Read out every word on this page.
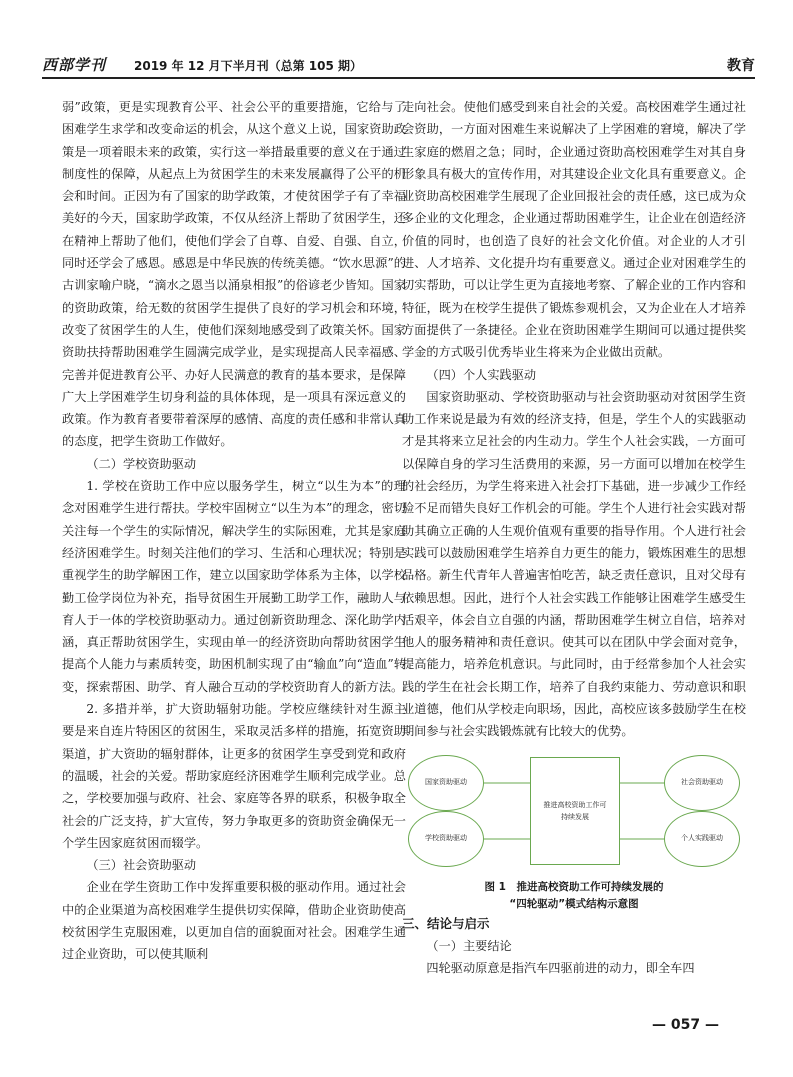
西部学刊 2019 年 12 月下半月刊（总第 105 期）	教育

弱”政策，更是实现教育公平、社会公平的重要措施，它给与了困难学生求学和改变命运的机会，从这个意义上说，国家资助政策是一项着眼未来的政策，实行这一举措最重要的意义在于通过制度性的保障，从起点上为贫困学生的未来发展赢得了公平的机会和时间。正因为有了国家的助学政策，才使贫困学子有了幸福美好的今天，国家助学政策，不仅从经济上帮助了贫困学生，还在精神上帮助了他们，使他们学会了自尊、自爱、自强、自立，同时还学会了感恩。感恩是中华民族的传统美德。“饮水思源”的古训家喻户晓，“滴水之恩当以涌泉相报”的俗谚老少皆知。国家的资助政策，给无数的贫困学生提供了良好的学习机会和环境，改变了贫困学生的人生，使他们深刻地感受到了政策关怀。国家资助扶持帮助困难学生圆满完成学业，是实现提高人民幸福感、完善并促进教育公平、办好人民满意的教育的基本要求，是保障广大上学困难学生切身利益的具体体现，是一项具有深远意义的政策。作为教育者要带着深厚的感情、高度的责任感和非常认真的态度，把学生资助工作做好。

（二）学校资助驱动

1. 学校在资助工作中应以服务学生，树立“以生为本”的理念对困难学生进行帮扶。学校牢固树立“以生为本”的理念，密切关注每一个学生的实际情况，解决学生的实际困难，尤其是家庭经济困难学生。时刻关注他们的学习、生活和心理状况；特别是重视学生的助学解困工作，建立以国家助学体系为主体，以学校勤工俭学岗位为补充，指导贫困生开展勤工助学工作，融助人与育人于一体的学校资助驱动力。通过创新资助理念、深化助学内涵，真正帮助贫困学生，实现由单一的经济资助向帮助贫困学生提高个人能力与素质转变，助困机制实现了由“输血”向“造血”转变，探索帮困、助学、育人融合互动的学校资助育人的新方法。

2. 多措并举，扩大资助辐射功能。学校应继续针对生源主要是来自连片特困区的贫困生，采取灵活多样的措施，拓宽资助渠道，扩大资助的辐射群体，让更多的贫困学生享受到党和政府的温暖，社会的关爱。帮助家庭经济困难学生顺利完成学业。总之，学校要加强与政府、社会、家庭等各界的联系，积极争取全社会的广泛支持，扩大宣传，努力争取更多的资助资金确保无一个学生因家庭贫困而辍学。

（三）社会资助驱动

企业在学生资助工作中发挥重要积极的驱动作用。通过社会中的企业渠道为高校困难学生提供切实保障，借助企业资助使高校贫困学生克服困难，以更加自信的面貌面对社会。困难学生通过企业资助，可以使其顺利

走向社会。使他们感受到来自社会的关爱。高校困难学生通过社会资助，一方面对困难生来说解决了上学困难的窘境，解决了学生家庭的燃眉之急；同时，企业通过资助高校困难学生对其自身形象具有极大的宣传作用，对其建设企业文化具有重要意义。企业资助高校困难学生展现了企业回报社会的责任感，这已成为众多企业的文化理念，企业通过帮助困难学生，让企业在创造经济价值的同时，也创造了良好的社会文化价值。对企业的人才引进、人才培养、文化提升均有重要意义。通过企业对困难学生的切实帮助，可以让学生更为直接地考察、了解企业的工作内容和特征，既为在校学生提供了锻炼参观机会，又为企业在人才培养方面提供了一条捷径。企业在资助困难学生期间可以通过提供奖学金的方式吸引优秀毕业生将来为企业做出贡献。

（四）个人实践驱动

国家资助驱动、学校资助驱动与社会资助驱动对贫困学生资助工作来说是最为有效的经济支持，但是，学生个人的实践驱动才是其将来立足社会的内生动力。学生个人社会实践，一方面可以保障自身的学习生活费用的来源，另一方面可以增加在校学生的社会经历，为学生将来进入社会打下基础，进一步减少工作经验不足而错失良好工作机会的可能。学生个人进行社会实践对帮助其确立正确的人生观价值观有重要的指导作用。个人进行社会实践可以鼓励困难学生培养自力更生的能力，锻炼困难生的思想品格。新生代青年人普遍害怕吃苦，缺乏责任意识，且对父母有依赖思想。因此，进行个人社会实践工作能够让困难学生感受生活艰辛，体会自立自强的内涵，帮助困难学生树立自信，培养对他人的服务精神和责任意识。使其可以在团队中学会面对竞争，提高能力，培养危机意识。与此同时，由于经常参加个人社会实践的学生在社会长期工作，培养了自我约束能力、劳动意识和职业道德，他们从学校走向职场，因此，高校应该多鼓励学生在校期间参与社会实践锻炼就有比较大的优势。

国家资助驱动
学校资助驱动
推进高校资助工作可持续发展
社会资助驱动
个人实践驱动

图 1　推进高校资助工作可持续发展的
“四轮驱动”模式结构示意图

三、结论与启示

（一）主要结论

四轮驱动原意是指汽车四驱前进的动力，即全车四

— 057 —
